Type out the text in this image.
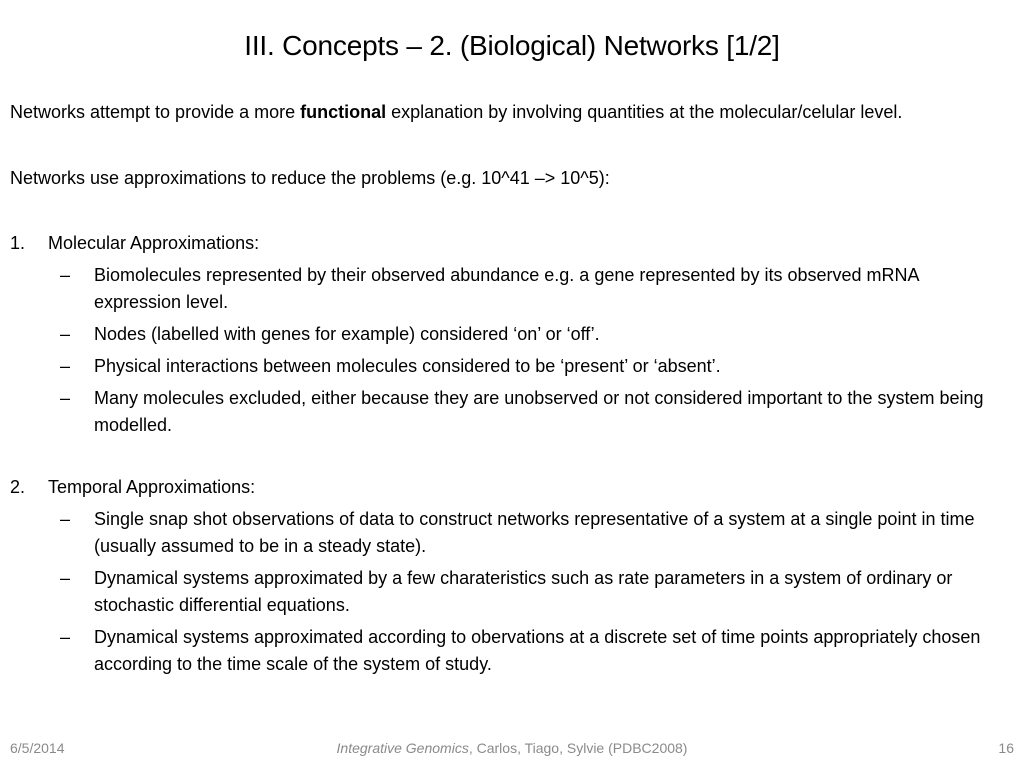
III. Concepts – 2. (Biological) Networks [1/2]

Networks attempt to provide a more functional explanation by involving quantities at the molecular/celular level.

Networks use approximations to reduce the problems (e.g. 10^41 –> 10^5):

1. Molecular Approximations:

– Biomolecules represented by their observed abundance e.g. a gene represented by its observed mRNA expression level.

– Nodes (labelled with genes for example) considered ‘on’ or ‘off’.

– Physical interactions between molecules considered to be ‘present’ or ‘absent’.

– Many molecules excluded, either because they are unobserved or not considered important to the system being modelled.

2. Temporal Approximations:

– Single snap shot observations of data to construct networks representative of a system at a single point in time (usually assumed to be in a steady state).

– Dynamical systems approximated by a few charateristics such as rate parameters in a system of ordinary or stochastic differential equations.

– Dynamical systems approximated according to obervations at a discrete set of time points appropriately chosen according to the time scale of the system of study.

6/5/2014	Integrative Genomics, Carlos, Tiago, Sylvie (PDBC2008)	16
